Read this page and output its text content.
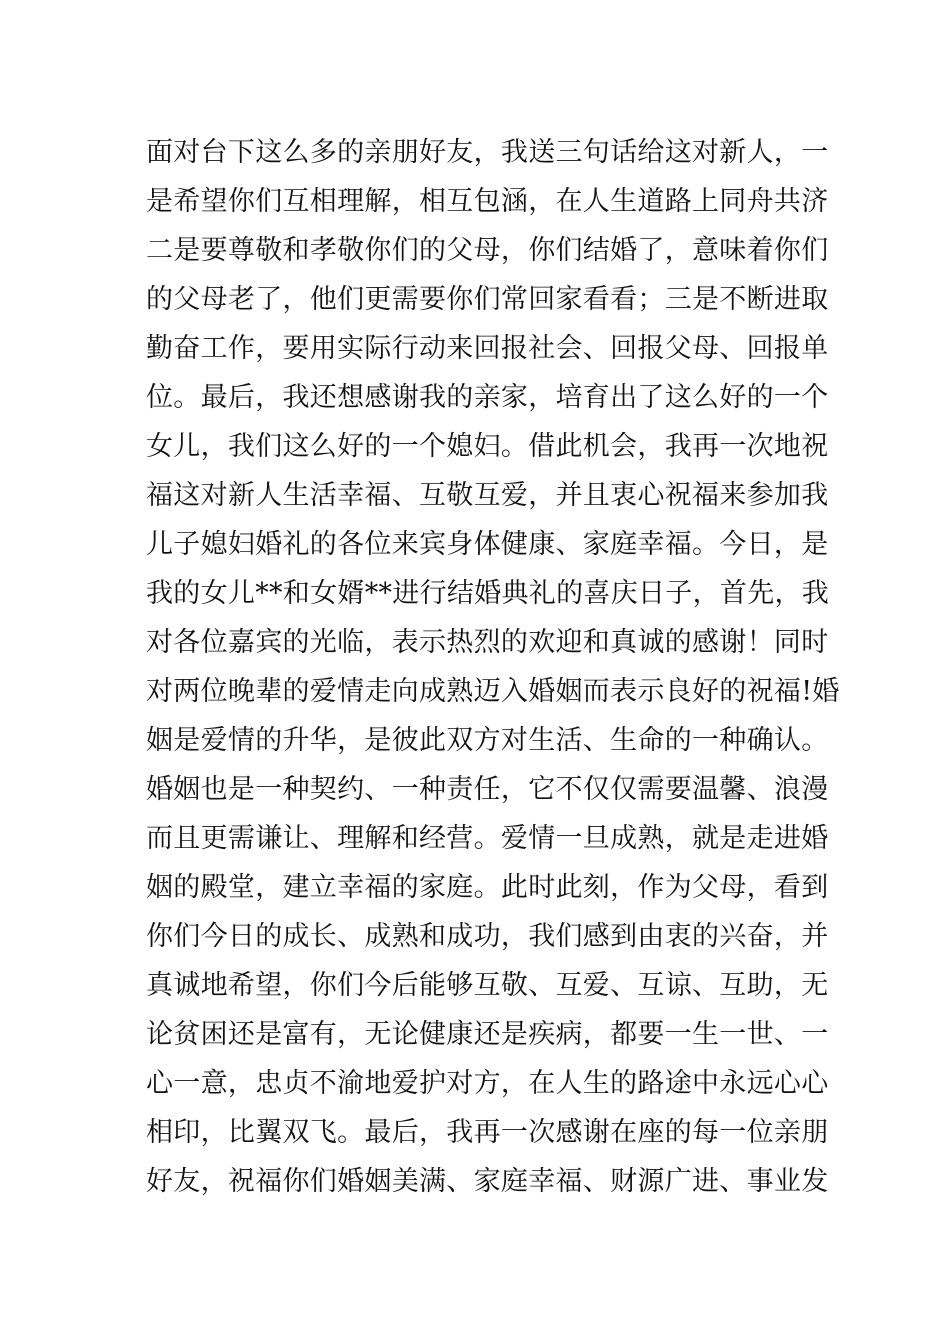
面对台下这么多的亲朋好友，我送三句话给这对新人，一
是希望你们互相理解，相互包涵，在人生道路上同舟共济
二是要尊敬和孝敬你们的父母，你们结婚了，意味着你们
的父母老了，他们更需要你们常回家看看；三是不断进取
勤奋工作，要用实际行动来回报社会、回报父母、回报单
位。最后，我还想感谢我的亲家，培育出了这么好的一个
女儿，我们这么好的一个媳妇。借此机会，我再一次地祝
福这对新人生活幸福、互敬互爱，并且衷心祝福来参加我
儿子媳妇婚礼的各位来宾身体健康、家庭幸福。今日，是
我的女儿**和女婿**进行结婚典礼的喜庆日子，首先，我
对各位嘉宾的光临，表示热烈的欢迎和真诚的感谢！同时
对两位晚辈的爱情走向成熟迈入婚姻而表示良好的祝福!婚
姻是爱情的升华，是彼此双方对生活、生命的一种确认。
婚姻也是一种契约、一种责任，它不仅仅需要温馨、浪漫
而且更需谦让、理解和经营。爱情一旦成熟，就是走进婚
姻的殿堂，建立幸福的家庭。此时此刻，作为父母，看到
你们今日的成长、成熟和成功，我们感到由衷的兴奋，并
真诚地希望，你们今后能够互敬、互爱、互谅、互助，无
论贫困还是富有，无论健康还是疾病，都要一生一世、一
心一意，忠贞不渝地爱护对方，在人生的路途中永远心心
相印，比翼双飞。最后，我再一次感谢在座的每一位亲朋
好友，祝福你们婚姻美满、家庭幸福、财源广进、事业发
